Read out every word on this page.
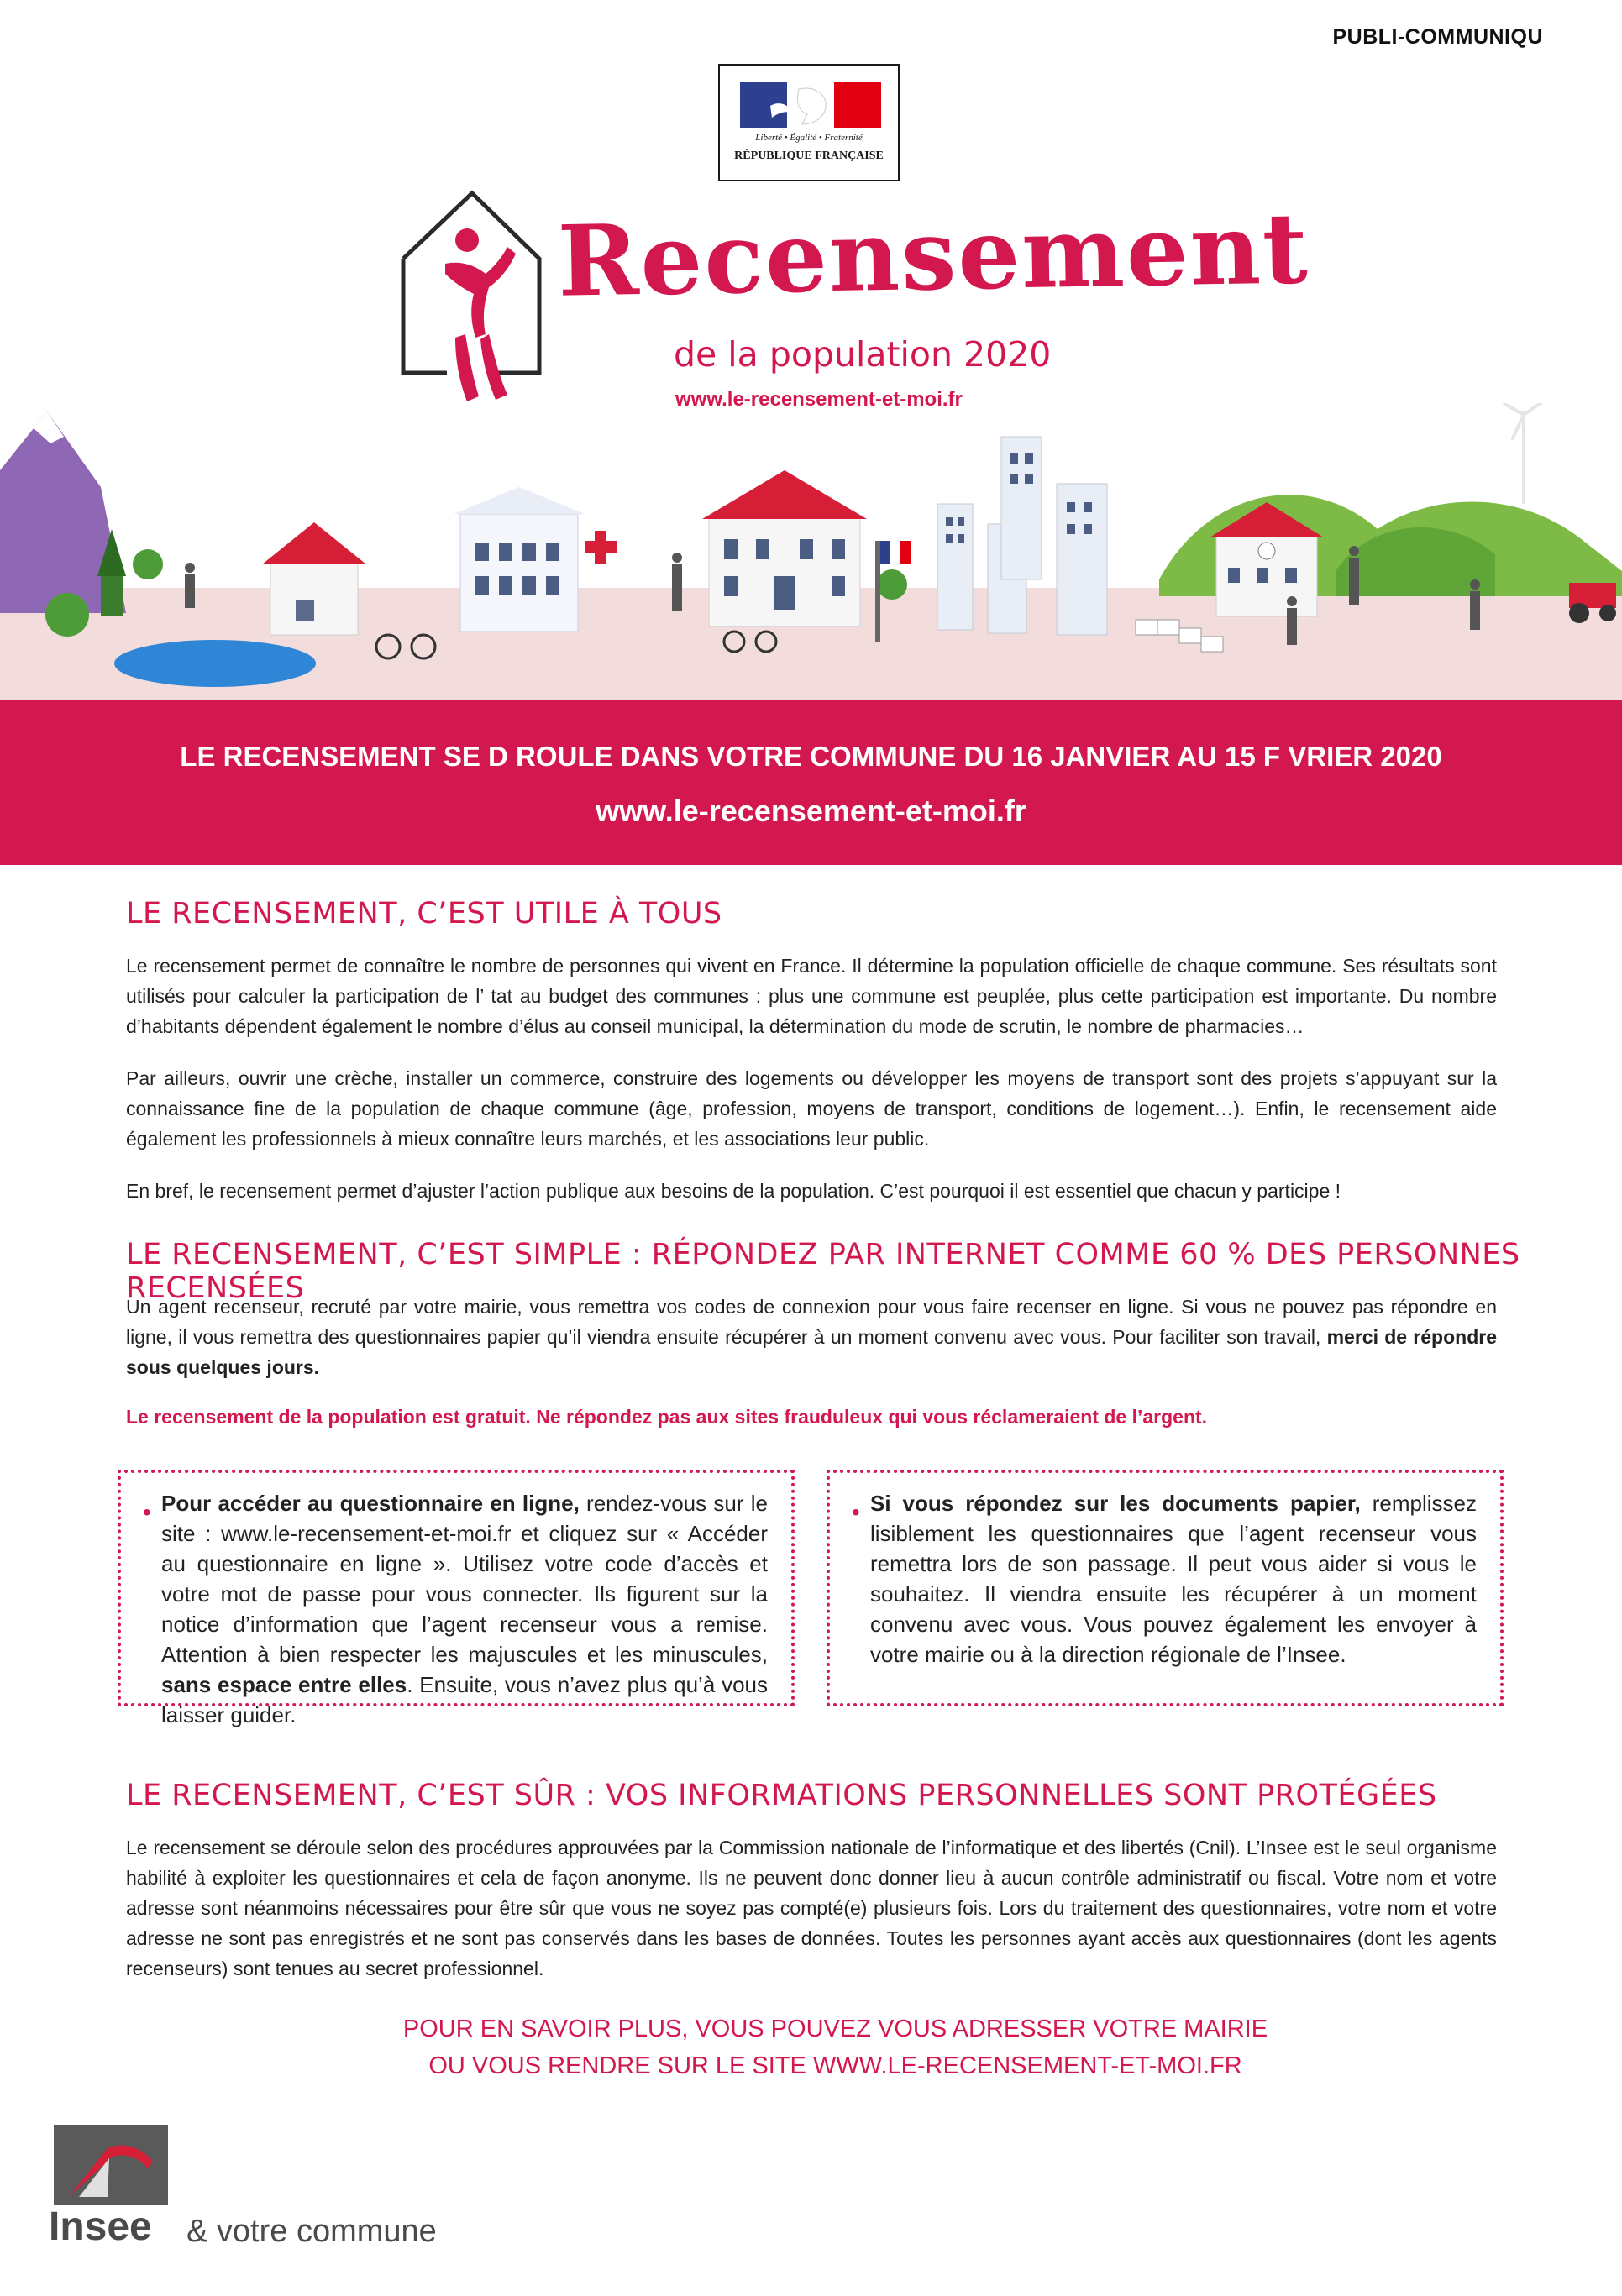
PUBLI-COMMUNIQU
Liberté • Égalité • Fraternité
RÉPUBLIQUE FRANÇAISE
Recensement
de la population 2020
www.le-recensement-et-moi.fr
LE RECENSEMENT SE D ROULE DANS VOTRE COMMUNE DU 16 JANVIER AU 15 F VRIER 2020
www.le-recensement-et-moi.fr
LE RECENSEMENT, C’EST UTILE À TOUS

Le recensement permet de connaître le nombre de personnes qui vivent en France. Il détermine la population officielle de chaque commune. Ses résultats sont utilisés pour calculer la participation de l’ tat au budget des communes : plus une commune est peuplée, plus cette participation est importante. Du nombre d’habitants dépendent également le nombre d’élus au conseil municipal, la détermination du mode de scrutin, le nombre de pharmacies…

Par ailleurs, ouvrir une crèche, installer un commerce, construire des logements ou développer les moyens de transport sont des projets s’appuyant sur la connaissance fine de la population de chaque commune (âge, profession, moyens de transport, conditions de logement…). Enfin, le recensement aide également les professionnels à mieux connaître leurs marchés, et les associations leur public.

En bref, le recensement permet d’ajuster l’action publique aux besoins de la population. C’est pourquoi il est essentiel que chacun y participe !

LE RECENSEMENT, C’EST SIMPLE : RÉPONDEZ PAR INTERNET COMME 60 % DES PERSONNES RECENSÉES

Un agent recenseur, recruté par votre mairie, vous remettra vos codes de connexion pour vous faire recenser en ligne. Si vous ne pouvez pas répondre en ligne, il vous remettra des questionnaires papier qu’il viendra ensuite récupérer à un moment convenu avec vous. Pour faciliter son travail, merci de répondre sous quelques jours.

Le recensement de la population est gratuit. Ne répondez pas aux sites frauduleux qui vous réclameraient de l’argent.
• Pour accéder au questionnaire en ligne, rendez-vous sur le site : www.le-recensement-et-moi.fr et cliquez sur « Accéder au questionnaire en ligne ». Utilisez votre code d’accès et votre mot de passe pour vous connecter. Ils figurent sur la notice d’information que l’agent recenseur vous a remise. Attention à bien respecter les majuscules et les minuscules, sans espace entre elles. Ensuite, vous n’avez plus qu’à vous laisser guider.

• Si vous répondez sur les documents papier, remplissez lisiblement les questionnaires que l’agent recenseur vous remettra lors de son passage. Il peut vous aider si vous le souhaitez. Il viendra ensuite les récupérer à un moment convenu avec vous. Vous pouvez également les envoyer à votre mairie ou à la direction régionale de l’Insee.

LE RECENSEMENT, C’EST SÛR : VOS INFORMATIONS PERSONNELLES SONT PROTÉGÉES

Le recensement se déroule selon des procédures approuvées par la Commission nationale de l’informatique et des libertés (Cnil). L’Insee est le seul organisme habilité à exploiter les questionnaires et cela de façon anonyme. Ils ne peuvent donc donner lieu à aucun contrôle administratif ou fiscal. Votre nom et votre adresse sont néanmoins nécessaires pour être sûr que vous ne soyez pas compté(e) plusieurs fois. Lors du traitement des questionnaires, votre nom et votre adresse ne sont pas enregistrés et ne sont pas conservés dans les bases de données. Toutes les personnes ayant accès aux questionnaires (dont les agents recenseurs) sont tenues au secret professionnel.

POUR EN SAVOIR PLUS, VOUS POUVEZ VOUS ADRESSER VOTRE MAIRIE
OU VOUS RENDRE SUR LE SITE WWW.LE-RECENSEMENT-ET-MOI.FR
Insee & votre commune
